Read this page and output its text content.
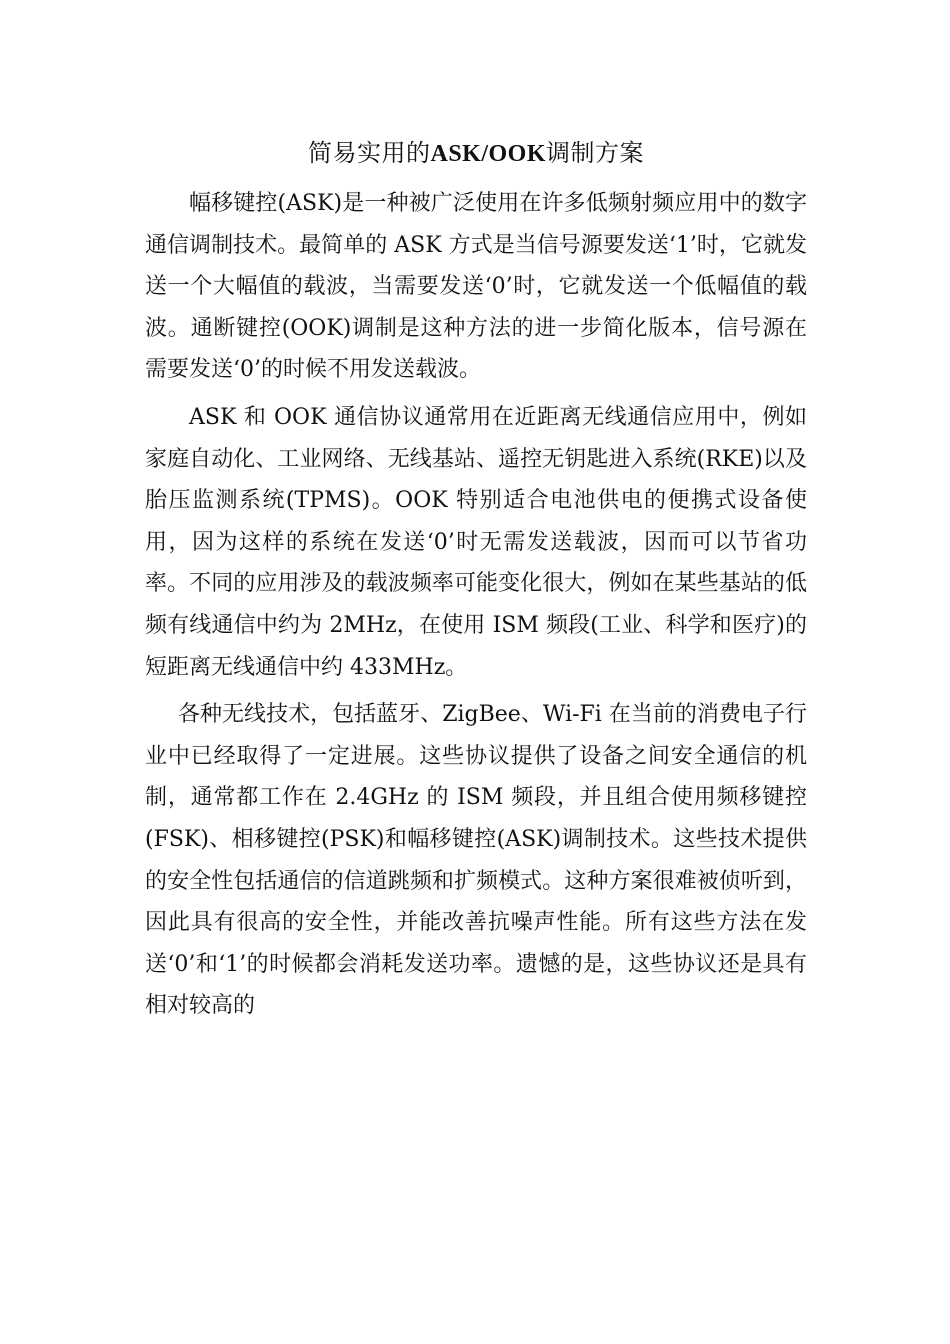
简易实用的ASK/OOK调制方案

幅移键控(ASK)是一种被广泛使用在许多低频射频应用中的数字通信调制技术。最简单的 ASK 方式是当信号源要发送‘1’时，它就发送一个大幅值的载波，当需要发送‘0’时，它就发送一个低幅值的载波。通断键控(OOK)调制是这种方法的进一步简化版本，信号源在需要发送‘0’的时候不用发送载波。

ASK 和 OOK 通信协议通常用在近距离无线通信应用中，例如家庭自动化、工业网络、无线基站、遥控无钥匙进入系统(RKE)以及胎压监测系统(TPMS)。OOK 特别适合电池供电的便携式设备使用，因为这样的系统在发送‘0’时无需发送载波，因而可以节省功率。不同的应用涉及的载波频率可能变化很大，例如在某些基站的低频有线通信中约为 2MHz，在使用 ISM 频段(工业、科学和医疗)的短距离无线通信中约 433MHz。

各种无线技术，包括蓝牙、ZigBee、Wi-Fi 在当前的消费电子行业中已经取得了一定进展。这些协议提供了设备之间安全通信的机制，通常都工作在 2.4GHz 的 ISM 频段，并且组合使用频移键控(FSK)、相移键控(PSK)和幅移键控(ASK)调制技术。这些技术提供的安全性包括通信的信道跳频和扩频模式。这种方案很难被侦听到，因此具有很高的安全性，并能改善抗噪声性能。所有这些方法在发送‘0’和‘1’的时候都会消耗发送功率。遗憾的是，这些协议还是具有相对较高的
